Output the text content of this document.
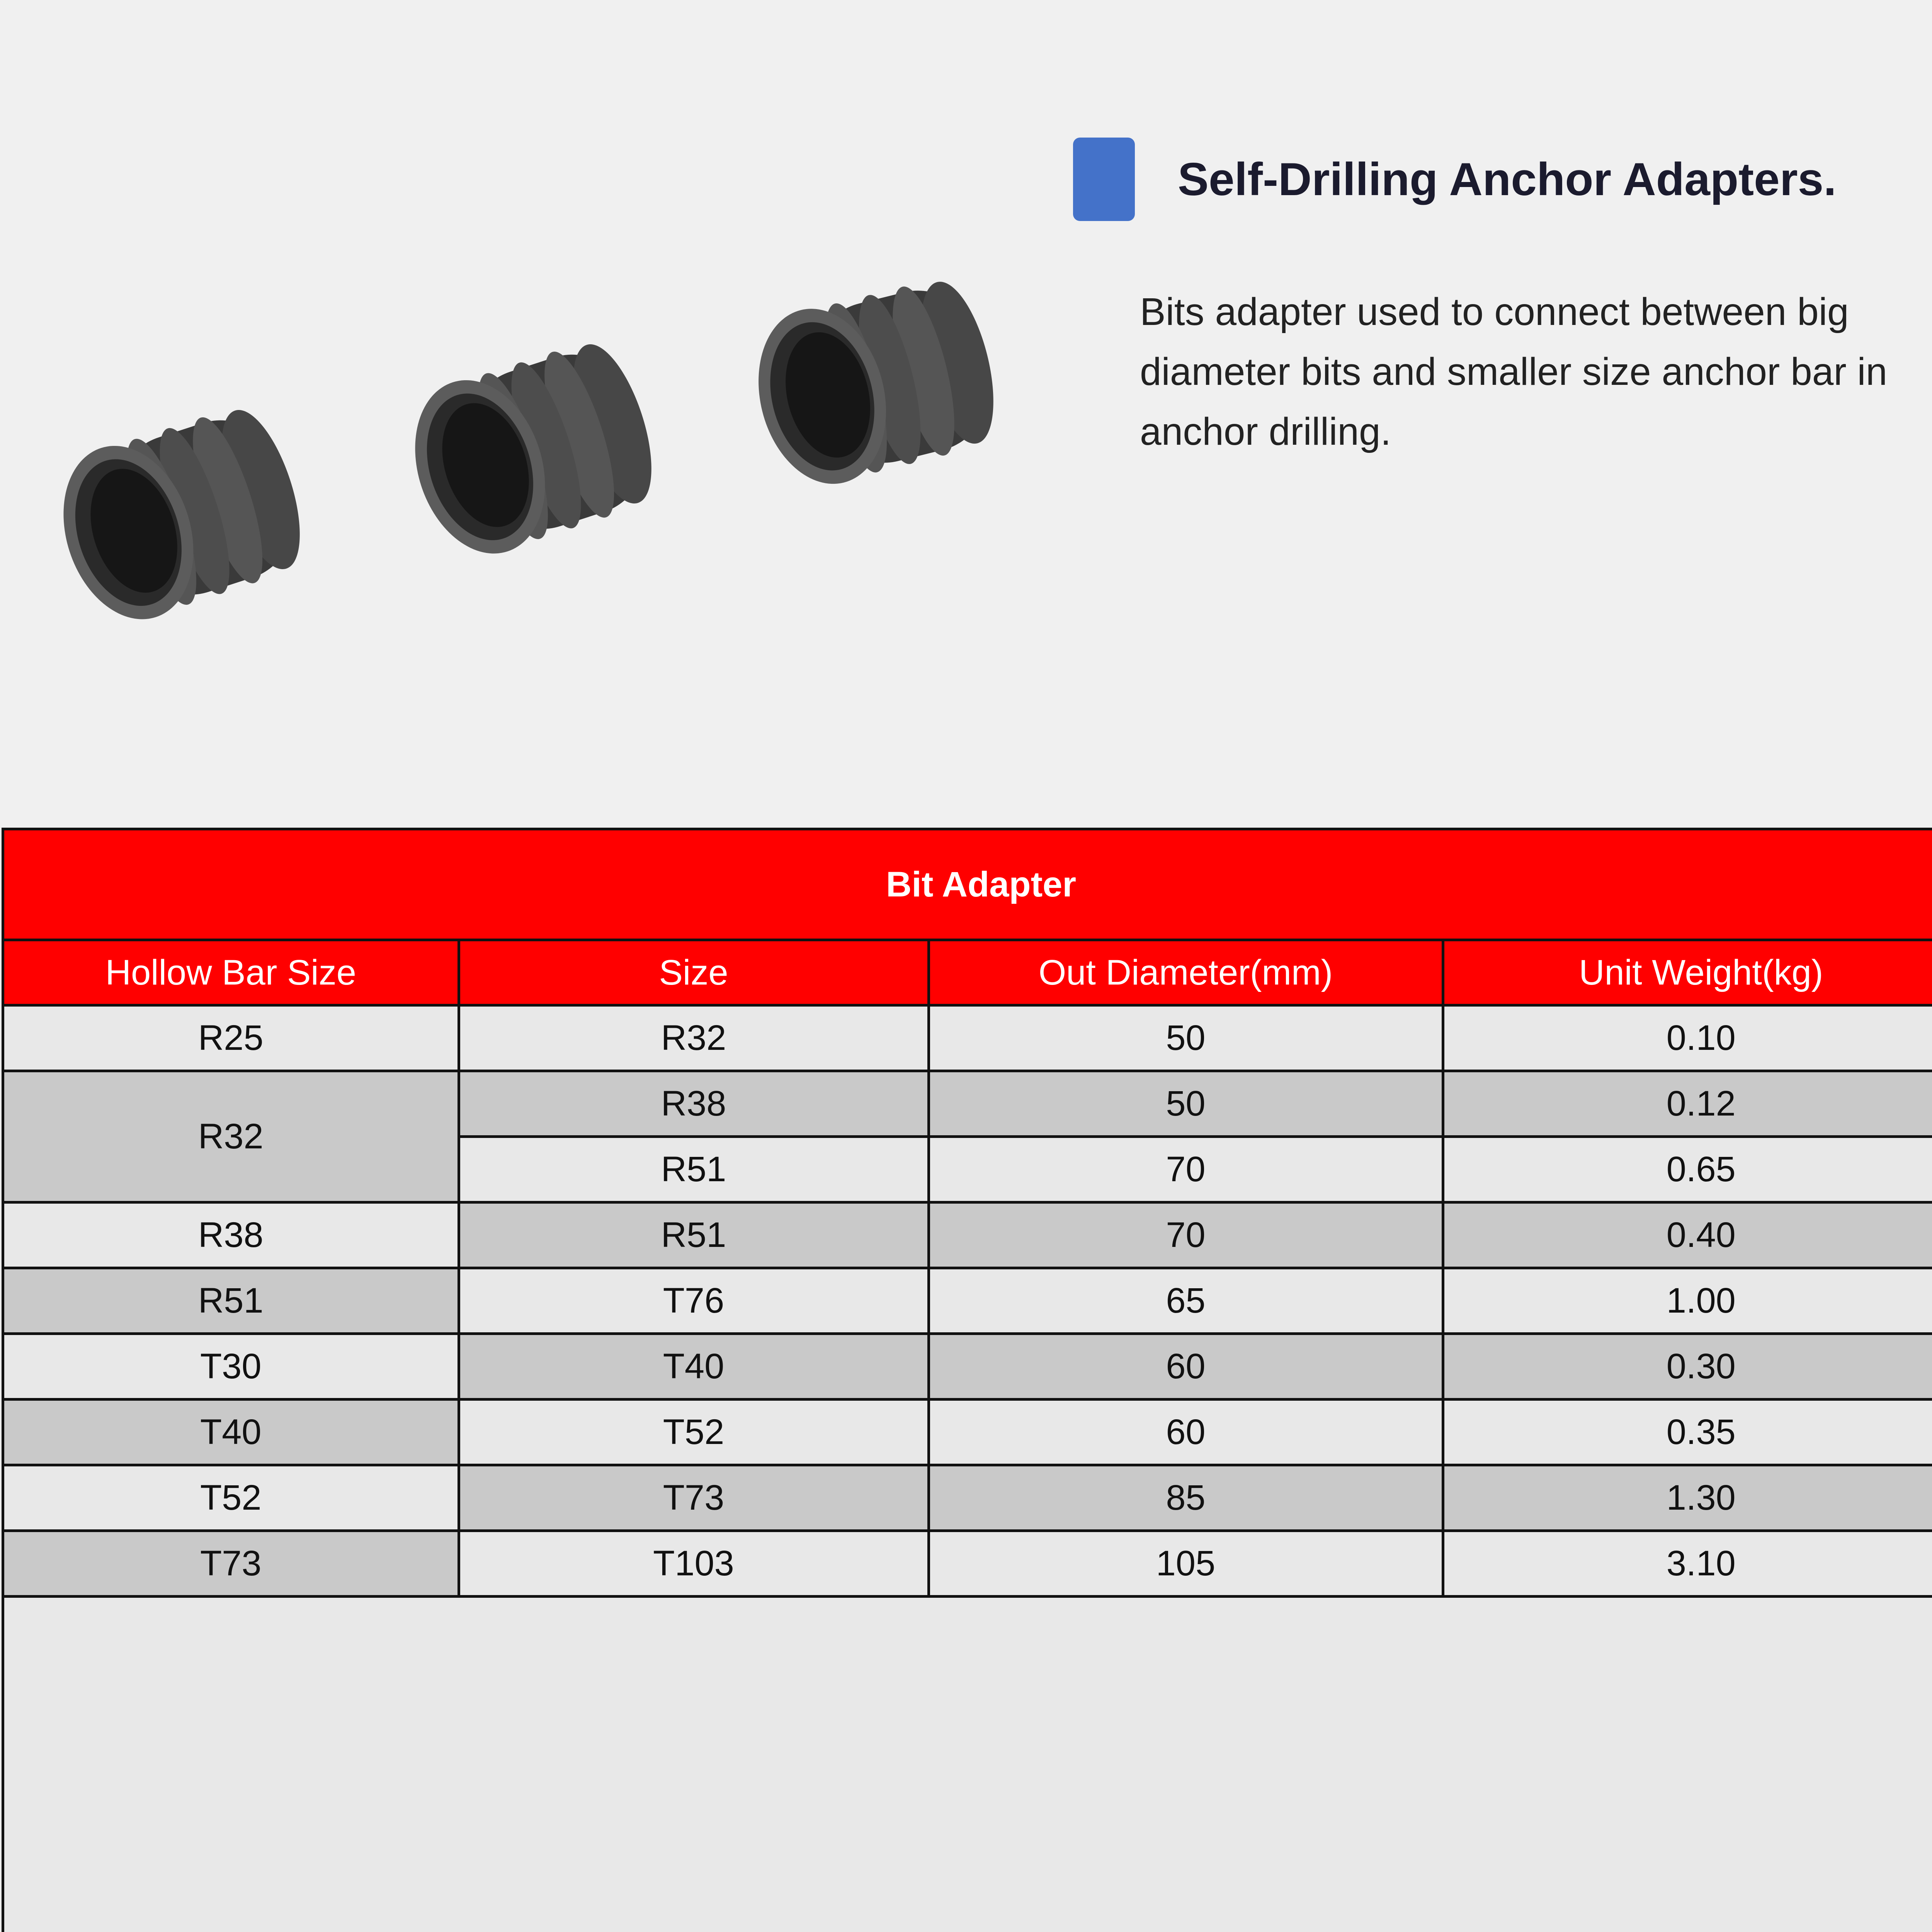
Self-Drilling Anchor Adapters.

Bits adapter used to connect between big diameter bits and smaller size anchor bar in anchor drilling.

Bit Adapter			
Hollow Bar Size	Size	Out Diameter(mm)	Unit Weight(kg)
R25	R32	50	0.10
R32	R38	50	0.12
	R51	70	0.65
R38	R51	70	0.40
R51	T76	65	1.00
T30	T40	60	0.30
T40	T52	60	0.35
T52	T73	85	1.30
T73	T103	105	3.10
